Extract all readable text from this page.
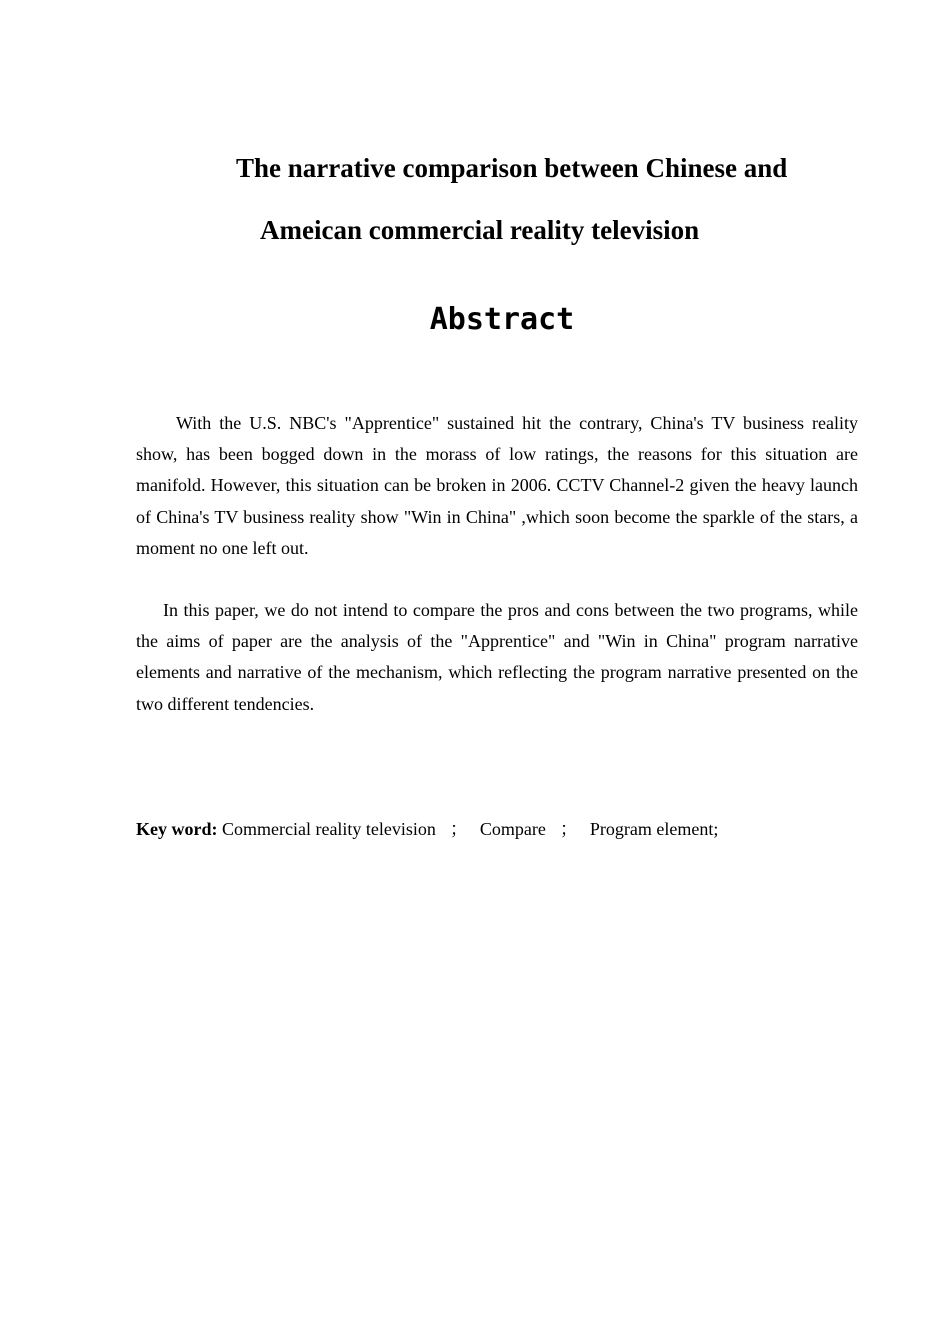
The narrative comparison between Chinese and
Ameican commercial reality television
Abstract

With the U.S. NBC's "Apprentice" sustained hit the contrary, China's TV business reality show, has been bogged down in the morass of low ratings, the reasons for this situation are manifold. However, this situation can be broken in 2006. CCTV Channel-2 given the heavy launch of China's TV business reality show "Win in China" ,which soon become the sparkle of the stars, a moment no one left out.

In this paper, we do not intend to compare the pros and cons between the two programs, while the aims of paper are the analysis of the "Apprentice" and "Win in China" program narrative elements and narrative of the mechanism, which reflecting the program narrative presented on the two different tendencies.

Key word: Commercial reality television ； Compare ； Program element;
